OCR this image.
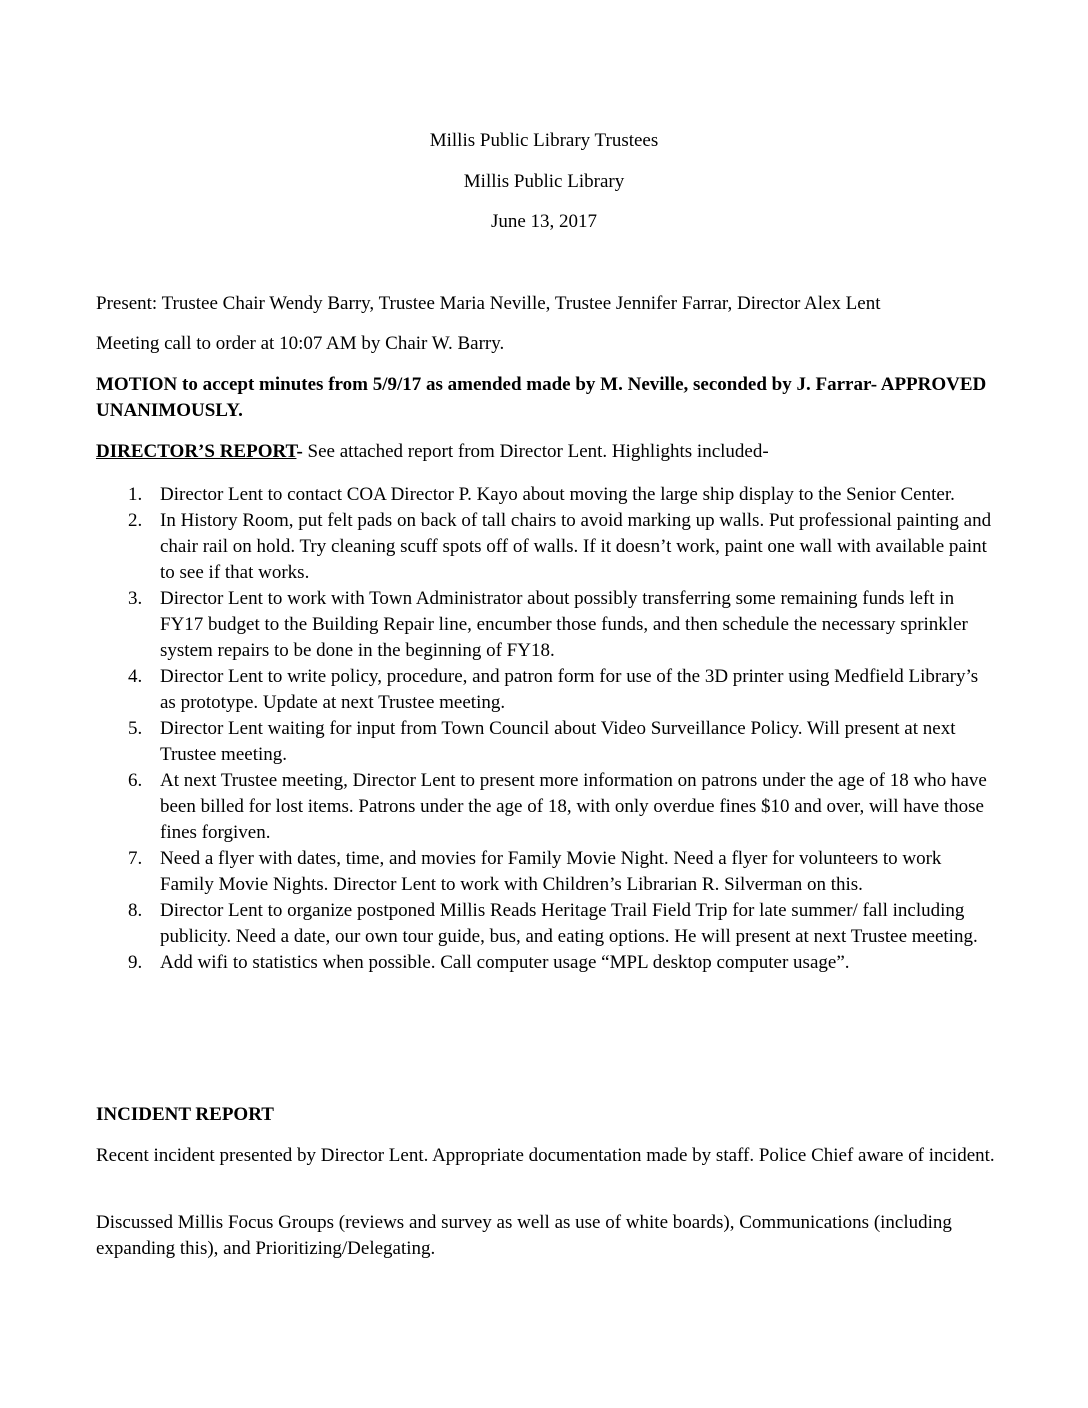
Millis Public Library Trustees
Millis Public Library
June 13, 2017

Present: Trustee Chair Wendy Barry, Trustee Maria Neville, Trustee Jennifer Farrar, Director Alex Lent

Meeting call to order at 10:07 AM by Chair W. Barry.

MOTION to accept minutes from 5/9/17 as amended made by M. Neville, seconded by J. Farrar- APPROVED UNANIMOUSLY.

DIRECTOR’S REPORT- See attached report from Director Lent. Highlights included-

1. Director Lent to contact COA Director P. Kayo about moving the large ship display to the Senior Center.
2. In History Room, put felt pads on back of tall chairs to avoid marking up walls. Put professional painting and chair rail on hold. Try cleaning scuff spots off of walls. If it doesn’t work, paint one wall with available paint to see if that works.
3. Director Lent to work with Town Administrator about possibly transferring some remaining funds left in FY17 budget to the Building Repair line, encumber those funds, and then schedule the necessary sprinkler system repairs to be done in the beginning of FY18.
4. Director Lent to write policy, procedure, and patron form for use of the 3D printer using Medfield Library’s as prototype. Update at next Trustee meeting.
5. Director Lent waiting for input from Town Council about Video Surveillance Policy. Will present at next Trustee meeting.
6. At next Trustee meeting, Director Lent to present more information on patrons under the age of 18 who have been billed for lost items. Patrons under the age of 18, with only overdue fines $10 and over, will have those fines forgiven.
7. Need a flyer with dates, time, and movies for Family Movie Night. Need a flyer for volunteers to work Family Movie Nights. Director Lent to work with Children’s Librarian R. Silverman on this.
8. Director Lent to organize postponed Millis Reads Heritage Trail Field Trip for late summer/ fall including publicity. Need a date, our own tour guide, bus, and eating options. He will present at next Trustee meeting.
9. Add wifi to statistics when possible. Call computer usage “MPL desktop computer usage”.

INCIDENT REPORT

Recent incident presented by Director Lent. Appropriate documentation made by staff. Police Chief aware of incident.

Discussed Millis Focus Groups (reviews and survey as well as use of white boards), Communications (including expanding this), and Prioritizing/Delegating.
